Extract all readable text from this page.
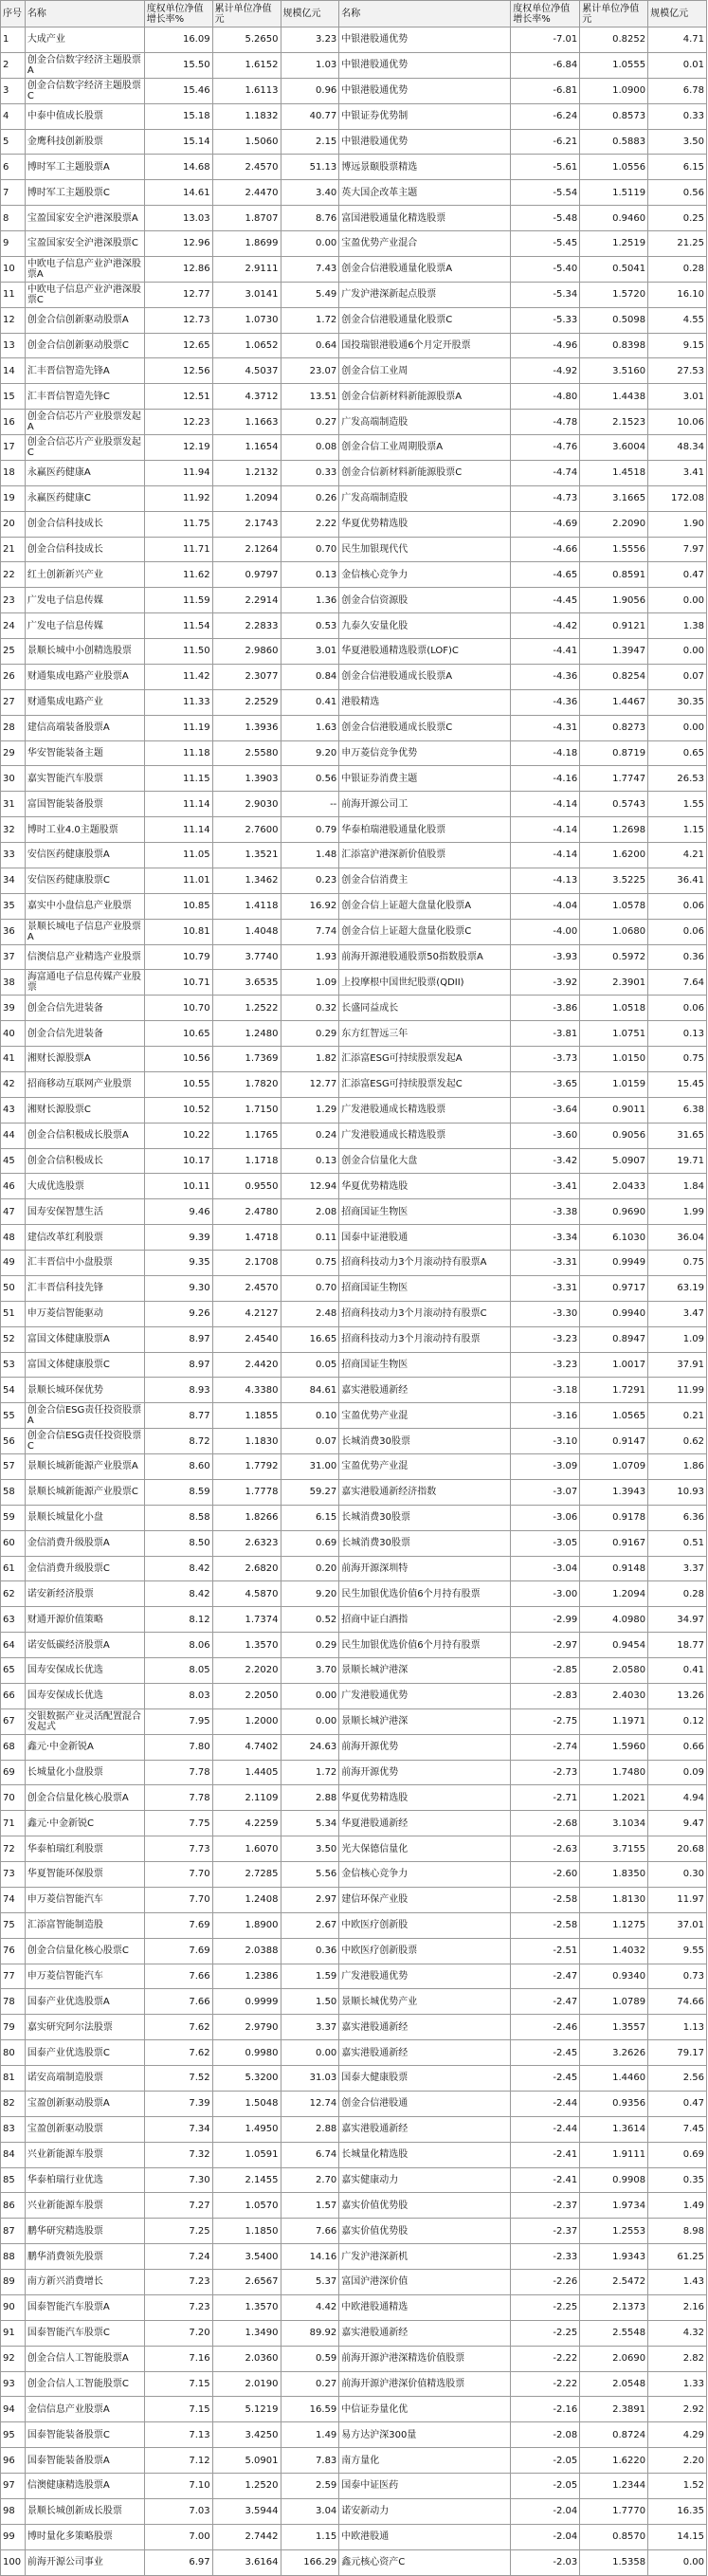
序号	名称	度权单位净值增长率%	累计单位净值 元	规模亿元	名称	度权单位净值增长率%	累计单位净值 元	规模亿元
1	大成产业	16.09	5.2650	3.23	中银港股通优势	-7.01	0.8252	4.71
2	创金合信数字经济主题股票A	15.50	1.6152	1.03	中银港股通优势	-6.84	1.0555	0.01
3	创金合信数字经济主题股票C	15.46	1.6113	0.96	中银港股通优势	-6.81	1.0900	6.78
4	中泰中值成长股票	15.18	1.1832	40.77	中银证券优势制	-6.24	0.8573	0.33
5	金鹰科技创新股票	15.14	1.5060	2.15	中银港股通优势	-6.21	0.5883	3.50
6	博时军工主题股票A	14.68	2.4570	51.13	博远景颐股票精选	-5.61	1.0556	6.15
7	博时军工主题股票C	14.61	2.4470	3.40	英大国企改革主题	-5.54	1.5119	0.56
8	宝盈国家安全沪港深股票A	13.03	1.8707	8.76	富国港股通量化精选股票	-5.48	0.9460	0.25
9	宝盈国家安全沪港深股票C	12.96	1.8699	0.00	宝盈优势产业混合	-5.45	1.2519	21.25
10	中欧电子信息产业沪港深股票A	12.86	2.9111	7.43	创金合信港股通量化股票A	-5.40	0.5041	0.28
11	中欧电子信息产业沪港深股票C	12.77	3.0141	5.49	广发沪港深新起点股票	-5.34	1.5720	16.10
12	创金合信创新驱动股票A	12.73	1.0730	1.72	创金合信港股通量化股票C	-5.33	0.5098	4.55
13	创金合信创新驱动股票C	12.65	1.0652	0.64	国投瑞银港股通6个月定开股票	-4.96	0.8398	9.15
14	汇丰晋信智造先锋A	12.56	4.5037	23.07	创金合信工业周	-4.92	3.5160	27.53
15	汇丰晋信智造先锋C	12.51	4.3712	13.51	创金合信新材料新能源股票A	-4.80	1.4438	3.01
16	创金合信芯片产业股票发起A	12.23	1.1663	0.27	广发高端制造股	-4.78	2.1523	10.06
17	创金合信芯片产业股票发起C	12.19	1.1654	0.08	创金合信工业周期股票A	-4.76	3.6004	48.34
18	永赢医药健康A	11.94	1.2132	0.33	创金合信新材料新能源股票C	-4.74	1.4518	3.41
19	永赢医药健康C	11.92	1.2094	0.26	广发高端制造股	-4.73	3.1665	172.08
20	创金合信科技成长	11.75	2.1743	2.22	华夏优势精选股	-4.69	2.2090	1.90
21	创金合信科技成长	11.71	2.1264	0.70	民生加银现代代	-4.66	1.5556	7.97
22	红土创新新兴产业	11.62	0.9797	0.13	金信核心竞争力	-4.65	0.8591	0.47
23	广发电子信息传媒	11.59	2.2914	1.36	创金合信资源股	-4.45	1.9056	0.00
24	广发电子信息传媒	11.54	2.2833	0.53	九泰久安量化股	-4.42	0.9121	1.38
25	景顺长城中小创精选股票	11.50	2.9860	3.01	华夏港股通精选股票(LOF)C	-4.41	1.3947	0.00
26	财通集成电路产业股票A	11.42	2.3077	0.84	创金合信港股通成长股票A	-4.36	0.8254	0.07
27	财通集成电路产业	11.33	2.2529	0.41	港股精选	-4.36	1.4467	30.35
28	建信高端装备股票A	11.19	1.3936	1.63	创金合信港股通成长股票C	-4.31	0.8273	0.00
29	华安智能装备主题	11.18	2.5580	9.20	申万菱信竞争优势	-4.18	0.8719	0.65
30	嘉实智能汽车股票	11.15	1.3903	0.56	中银证券消费主题	-4.16	1.7747	26.53
31	富国智能装备股票	11.14	2.9030	--	前海开源公司工	-4.14	0.5743	1.55
32	博时工业4.0主题股票	11.14	2.7600	0.79	华泰柏瑞港股通量化股票	-4.14	1.2698	1.15
33	安信医药健康股票A	11.05	1.3521	1.48	汇添富沪港深新价值股票	-4.14	1.6200	4.21
34	安信医药健康股票C	11.01	1.3462	0.23	创金合信消费主	-4.13	3.5225	36.41
35	嘉实中小盘信息产业股票	10.85	1.4118	16.92	创金合信上证超大盘量化股票A	-4.04	1.0578	0.06
36	景顺长城电子信息产业股票A	10.81	1.4048	7.74	创金合信上证超大盘量化股票C	-4.00	1.0680	0.06
37	信澳信息产业精选产业股票	10.79	3.7740	1.93	前海开源港股通股票50指数股票A	-3.93	0.5972	0.36
38	海富通电子信息传媒产业股票	10.71	3.6535	1.09	上投摩根中国世纪股票(QDII)	-3.92	2.3901	7.64
39	创金合信先进装备	10.70	1.2522	0.32	长盛同益成长	-3.86	1.0518	0.06
40	创金合信先进装备	10.65	1.2480	0.29	东方红智远三年	-3.81	1.0751	0.13
41	湘财长源股票A	10.56	1.7369	1.82	汇添富ESG可持续股票发起A	-3.73	1.0150	0.75
42	招商移动互联网产业股票	10.55	1.7820	12.77	汇添富ESG可持续股票发起C	-3.65	1.0159	15.45
43	湘财长源股票C	10.52	1.7150	1.29	广发港股通成长精选股票	-3.64	0.9011	6.38
44	创金合信积极成长股票A	10.22	1.1765	0.24	广发港股通成长精选股票	-3.60	0.9056	31.65
45	创金合信积极成长	10.17	1.1718	0.13	创金合信量化大盘	-3.42	5.0907	19.71
46	大成优选股票	10.11	0.9550	12.94	华夏优势精选股	-3.41	2.0433	1.84
47	国寿安保智慧生活	9.46	2.4780	2.08	招商国证生物医	-3.38	0.9690	1.99
48	建信改革红利股票	9.39	1.4718	0.11	国泰中证港股通	-3.34	6.1030	36.04
49	汇丰晋信中小盘股票	9.35	2.1708	0.75	招商科技动力3个月滚动持有股票A	-3.31	0.9949	0.75
50	汇丰晋信科技先锋	9.30	2.4570	0.70	招商国证生物医	-3.31	0.9717	63.19
51	申万菱信智能驱动	9.26	4.2127	2.48	招商科技动力3个月滚动持有股票C	-3.30	0.9940	3.47
52	富国文体健康股票A	8.97	2.4540	16.65	招商科技动力3个月滚动持有股票	-3.23	0.8947	1.09
53	富国文体健康股票C	8.97	2.4420	0.05	招商国证生物医	-3.23	1.0017	37.91
54	景顺长城环保优势	8.93	4.3380	84.61	嘉实港股通新经	-3.18	1.7291	11.99
55	创金合信ESG责任投资股票A	8.77	1.1855	0.10	宝盈优势产业混	-3.16	1.0565	0.21
56	创金合信ESG责任投资股票C	8.72	1.1830	0.07	长城消费30股票	-3.10	0.9147	0.62
57	景顺长城新能源产业股票A	8.60	1.7792	31.00	宝盈优势产业混	-3.09	1.0709	1.86
58	景顺长城新能源产业股票C	8.59	1.7778	59.27	嘉实港股通新经济指数	-3.07	1.3943	10.93
59	景顺长城量化小盘	8.58	1.8266	6.15	长城消费30股票	-3.06	0.9178	6.36
60	金信消费升级股票A	8.50	2.6323	0.69	长城消费30股票	-3.05	0.9167	0.51
61	金信消费升级股票C	8.42	2.6820	0.20	前海开源深圳特	-3.04	0.9148	3.37
62	诺安新经济股票	8.42	4.5870	9.20	民生加银优选价值6个月持有股票	-3.00	1.2094	0.28
63	财通开源价值策略	8.12	1.7374	0.52	招商中证白酒指	-2.99	4.0980	34.97
64	诺安低碳经济股票A	8.06	1.3570	0.29	民生加银优选价值6个月持有股票	-2.97	0.9454	18.77
65	国寿安保成长优选	8.05	2.2020	3.70	景顺长城沪港深	-2.85	2.0580	0.41
66	国寿安保成长优选	8.03	2.2050	0.00	广发港股通优势	-2.83	2.4030	13.26
67	交银数据产业灵活配置混合发起式	7.95	1.2000	0.00	景顺长城沪港深	-2.75	1.1971	0.12
68	鑫元·中金新锐A	7.80	4.7402	24.63	前海开源优势	-2.74	1.5960	0.66
69	长城量化小盘股票	7.78	1.4405	1.72	前海开源优势	-2.73	1.7480	0.09
70	创金合信量化核心股票A	7.78	2.1109	2.88	华夏优势精选股	-2.71	1.2021	4.94
71	鑫元·中金新锐C	7.75	4.2259	5.34	华夏港股通新经	-2.68	3.1034	9.47
72	华泰柏瑞红利股票	7.73	1.6070	3.50	光大保德信量化	-2.63	3.7155	20.68
73	华夏智能环保股票	7.70	2.7285	5.56	金信核心竞争力	-2.60	1.8350	0.30
74	申万菱信智能汽车	7.70	1.2408	2.97	建信环保产业股	-2.58	1.8130	11.97
75	汇添富智能制造股	7.69	1.8900	2.67	中欧医疗创新股	-2.58	1.1275	37.01
76	创金合信量化核心股票C	7.69	2.0388	0.36	中欧医疗创新股票	-2.51	1.4032	9.55
77	申万菱信智能汽车	7.66	1.2386	1.59	广发港股通优势	-2.47	0.9340	0.73
78	国泰产业优选股票A	7.66	0.9999	1.50	景顺长城优势产业	-2.47	1.0789	74.66
79	嘉实研究阿尔法股票	7.62	2.9790	3.37	嘉实港股通新经	-2.46	1.3557	1.13
80	国泰产业优选股票C	7.62	0.9980	0.00	嘉实港股通新经	-2.45	3.2626	79.17
81	诺安高端制造股票	7.52	5.3200	31.03	国泰大健康股票	-2.45	1.4460	2.56
82	宝盈创新驱动股票A	7.39	1.5048	12.74	创金合信港股通	-2.44	0.9356	0.47
83	宝盈创新驱动股票	7.34	1.4950	2.88	嘉实港股通新经	-2.44	1.3614	7.45
84	兴业新能源车股票	7.32	1.0591	6.74	长城量化精选股	-2.41	1.9111	0.69
85	华泰柏瑞行业优选	7.30	2.1455	2.70	嘉实健康动力	-2.41	0.9908	0.35
86	兴业新能源车股票	7.27	1.0570	1.57	嘉实价值优势股	-2.37	1.9734	1.49
87	鹏华研究精选股票	7.25	1.1850	7.66	嘉实价值优势股	-2.37	1.2553	8.98
88	鹏华消费领先股票	7.24	3.5400	14.16	广发沪港深新机	-2.33	1.9343	61.25
89	南方新兴消费增长	7.23	2.6567	5.37	富国沪港深价值	-2.26	2.5472	1.43
90	国泰智能汽车股票A	7.23	1.3570	4.42	中欧港股通精选	-2.25	2.1373	2.16
91	国泰智能汽车股票C	7.20	1.3490	89.92	嘉实港股通新经	-2.25	2.5548	4.32
92	创金合信人工智能股票A	7.16	2.0360	0.59	前海开源沪港深精选价值股票	-2.22	2.0690	2.82
93	创金合信人工智能股票C	7.15	2.0190	0.27	前海开源沪港深价值精选股票	-2.22	2.0548	1.33
94	金信信息产业股票A	7.15	5.1219	16.59	中信证券量化优	-2.16	2.3891	2.92
95	国泰智能装备股票C	7.13	3.4250	1.49	易方达沪深300量	-2.08	0.8724	4.29
96	国泰智能装备股票A	7.12	5.0901	7.83	南方量化	-2.05	1.6220	2.20
97	信澳健康精选股票A	7.10	1.2520	2.59	国泰中证医药	-2.05	1.2344	1.52
98	景顺长城创新成长股票	7.03	3.5944	3.04	诺安新动力	-2.04	1.7770	16.35
99	博时量化多策略股票	7.00	2.7442	1.15	中欧港股通	-2.04	0.8570	14.15
100	前海开源公司事业	6.97	3.6164	166.29	鑫元核心资产C	-2.03	1.5358	0.00
